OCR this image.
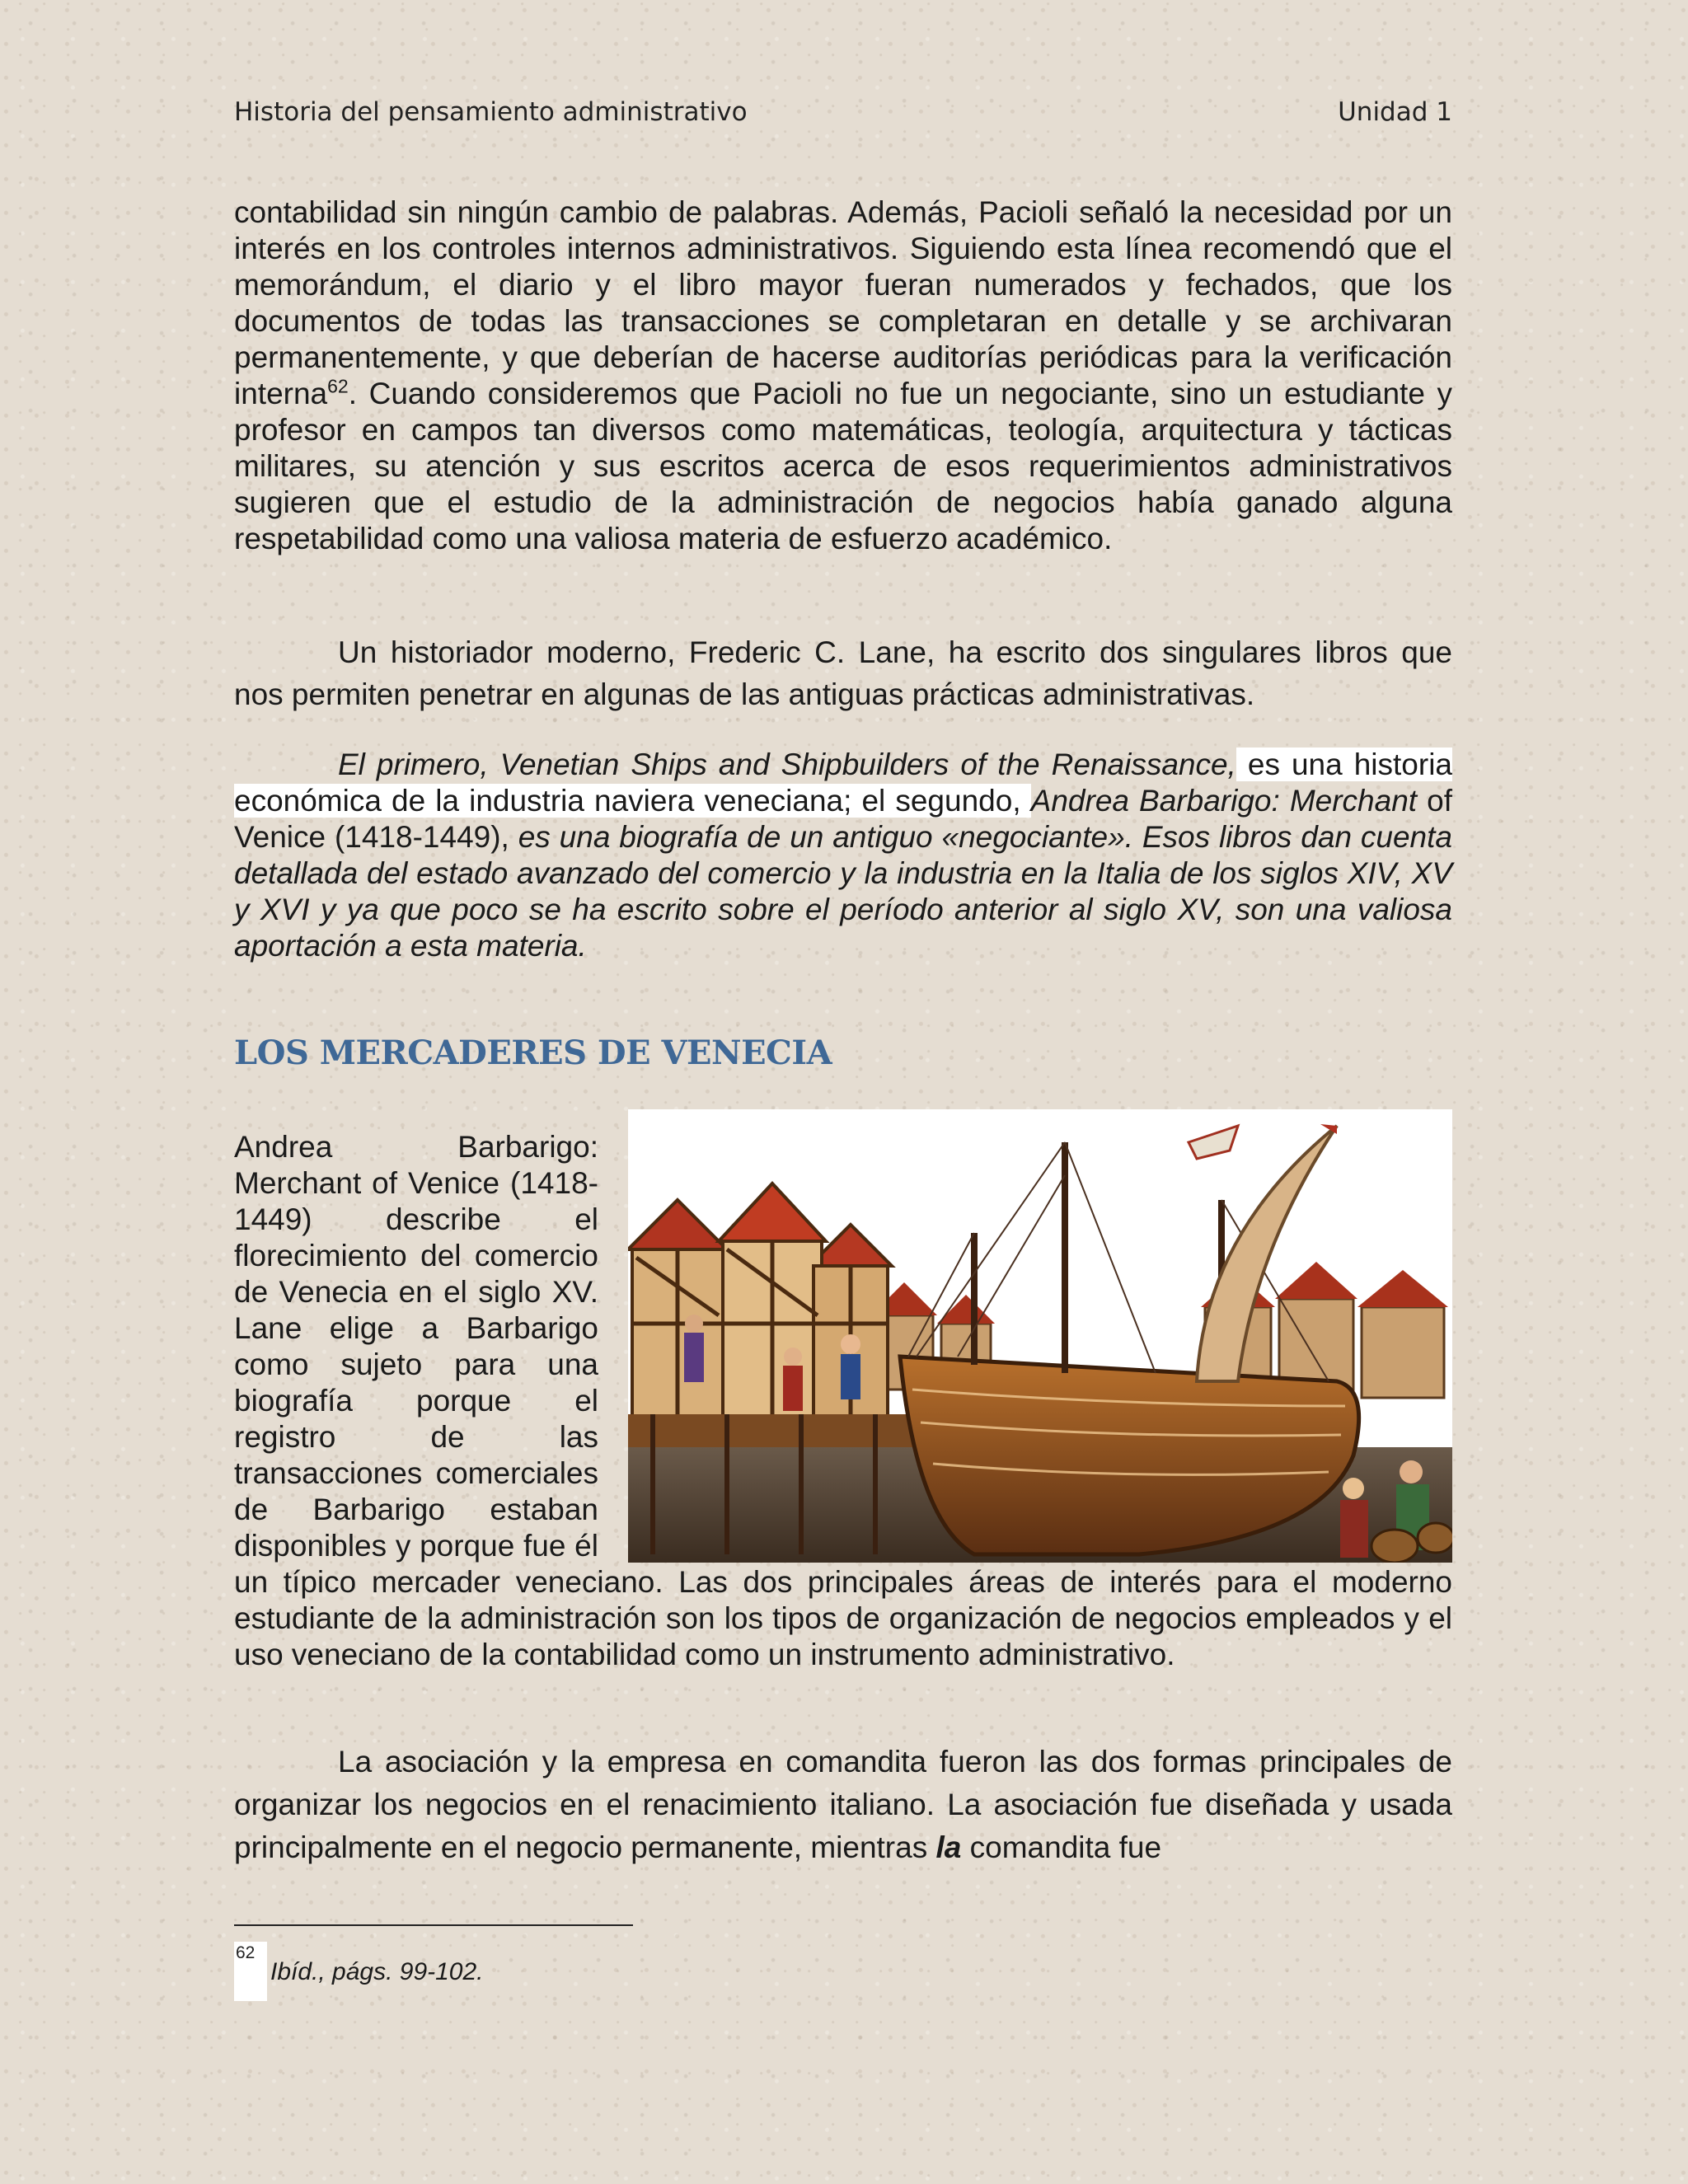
Historia del pensamiento administrativo	Unidad 1

contabilidad sin ningún cambio de palabras. Además, Pacioli señaló la necesidad por un interés en los controles internos administrativos. Siguiendo esta línea recomendó que el memorándum, el diario y el libro mayor fueran numerados y fechados, que los documentos de todas las transacciones se completaran en detalle y se archivaran permanentemente, y que deberían de hacerse auditorías periódicas para la verificación interna$^{62}$. Cuando consideremos que Pacioli no fue un negociante, sino un estudiante y profesor en campos tan diversos como matemáticas, teología, arquitectura y tácticas militares, su atención y sus escritos acerca de esos requerimientos administrativos sugieren que el estudio de la administración de negocios había ganado alguna respetabilidad como una valiosa materia de esfuerzo académico.

Un historiador moderno, Frederic C. Lane, ha escrito dos singulares libros que nos permiten penetrar en algunas de las antiguas prácticas administrativas.

El primero, Venetian Ships and Shipbuilders of the Renaissance, es una historia económica de la industria naviera veneciana; el segundo, Andrea Barbarigo: Merchant of Venice (1418-1449), es una biografía de un antiguo «negociante». Esos libros dan cuenta detallada del estado avanzado del comercio y la industria en la Italia de los siglos XIV, XV y XVI y ya que poco se ha escrito sobre el período anterior al siglo XV, son una valiosa aportación a esta materia.

LOS MERCADERES DE VENECIA

Andrea Barbarigo: Merchant of Venice (1418-1449) describe el florecimiento del comercio de Venecia en el siglo XV. Lane elige a Barbarigo como sujeto para una biografía porque el registro de las transacciones comerciales de Barbarigo estaban disponibles y porque fue él un típico mercader veneciano. Las dos principales áreas de interés para el moderno estudiante de la administración son los tipos de organización de negocios empleados y el uso veneciano de la contabilidad como un instrumento administrativo.

La asociación y la empresa en comandita fueron las dos formas principales de organizar los negocios en el renacimiento italiano. La asociación fue diseñada y usada principalmente en el negocio permanente, mientras la comandita fue

62
Ibíd., págs. 99-102.
